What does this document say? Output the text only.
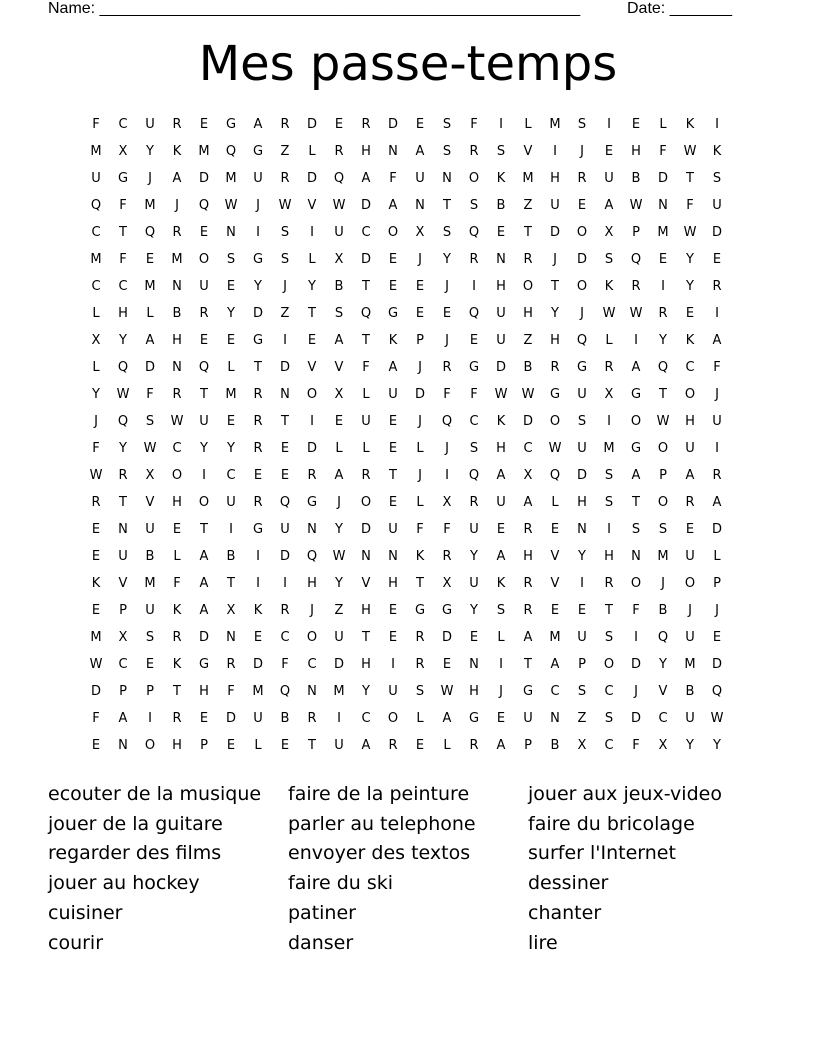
Name: ______________________________________________________	Date: _______
Mes passe-temps
F	C	U	R	E	G	A	R	D	E	R	D	E	S	F	I	L	M	S	I	E	L	K	I
M	X	Y	K	M	Q	G	Z	L	R	H	N	A	S	R	S	V	I	J	E	H	F	W	K
U	G	J	A	D	M	U	R	D	Q	A	F	U	N	O	K	M	H	R	U	B	D	T	S
Q	F	M	J	Q	W	J	W	V	W	D	A	N	T	S	B	Z	U	E	A	W	N	F	U
C	T	Q	R	E	N	I	S	I	U	C	O	X	S	Q	E	T	D	O	X	P	M	W	D
M	F	E	M	O	S	G	S	L	X	D	E	J	Y	R	N	R	J	D	S	Q	E	Y	E
C	C	M	N	U	E	Y	J	Y	B	T	E	E	J	I	H	O	T	O	K	R	I	Y	R
L	H	L	B	R	Y	D	Z	T	S	Q	G	E	E	Q	U	H	Y	J	W	W	R	E	I
X	Y	A	H	E	E	G	I	E	A	T	K	P	J	E	U	Z	H	Q	L	I	Y	K	A
L	Q	D	N	Q	L	T	D	V	V	F	A	J	R	G	D	B	R	G	R	A	Q	C	F
Y	W	F	R	T	M	R	N	O	X	L	U	D	F	F	W	W	G	U	X	G	T	O	J
J	Q	S	W	U	E	R	T	I	E	U	E	J	Q	C	K	D	O	S	I	O	W	H	U
F	Y	W	C	Y	Y	R	E	D	L	L	E	L	J	S	H	C	W	U	M	G	O	U	I
W	R	X	O	I	C	E	E	R	A	R	T	J	I	Q	A	X	Q	D	S	A	P	A	R
R	T	V	H	O	U	R	Q	G	J	O	E	L	X	R	U	A	L	H	S	T	O	R	A
E	N	U	E	T	I	G	U	N	Y	D	U	F	F	U	E	R	E	N	I	S	S	E	D
E	U	B	L	A	B	I	D	Q	W	N	N	K	R	Y	A	H	V	Y	H	N	M	U	L
K	V	M	F	A	T	I	I	H	Y	V	H	T	X	U	K	R	V	I	R	O	J	O	P
E	P	U	K	A	X	K	R	J	Z	H	E	G	G	Y	S	R	E	E	T	F	B	J	J
M	X	S	R	D	N	E	C	O	U	T	E	R	D	E	L	A	M	U	S	I	Q	U	E
W	C	E	K	G	R	D	F	C	D	H	I	R	E	N	I	T	A	P	O	D	Y	M	D
D	P	P	T	H	F	M	Q	N	M	Y	U	S	W	H	J	G	C	S	C	J	V	B	Q
F	A	I	R	E	D	U	B	R	I	C	O	L	A	G	E	U	N	Z	S	D	C	U	W
E	N	O	H	P	E	L	E	T	U	A	R	E	L	R	A	P	B	X	C	F	X	Y	Y
ecouter de la musique
jouer de la guitare
regarder des films
jouer au hockey
cuisiner
courir
faire de la peinture
parler au telephone
envoyer des textos
faire du ski
patiner
danser
jouer aux jeux-video
faire du bricolage
surfer l'Internet
dessiner
chanter
lire
